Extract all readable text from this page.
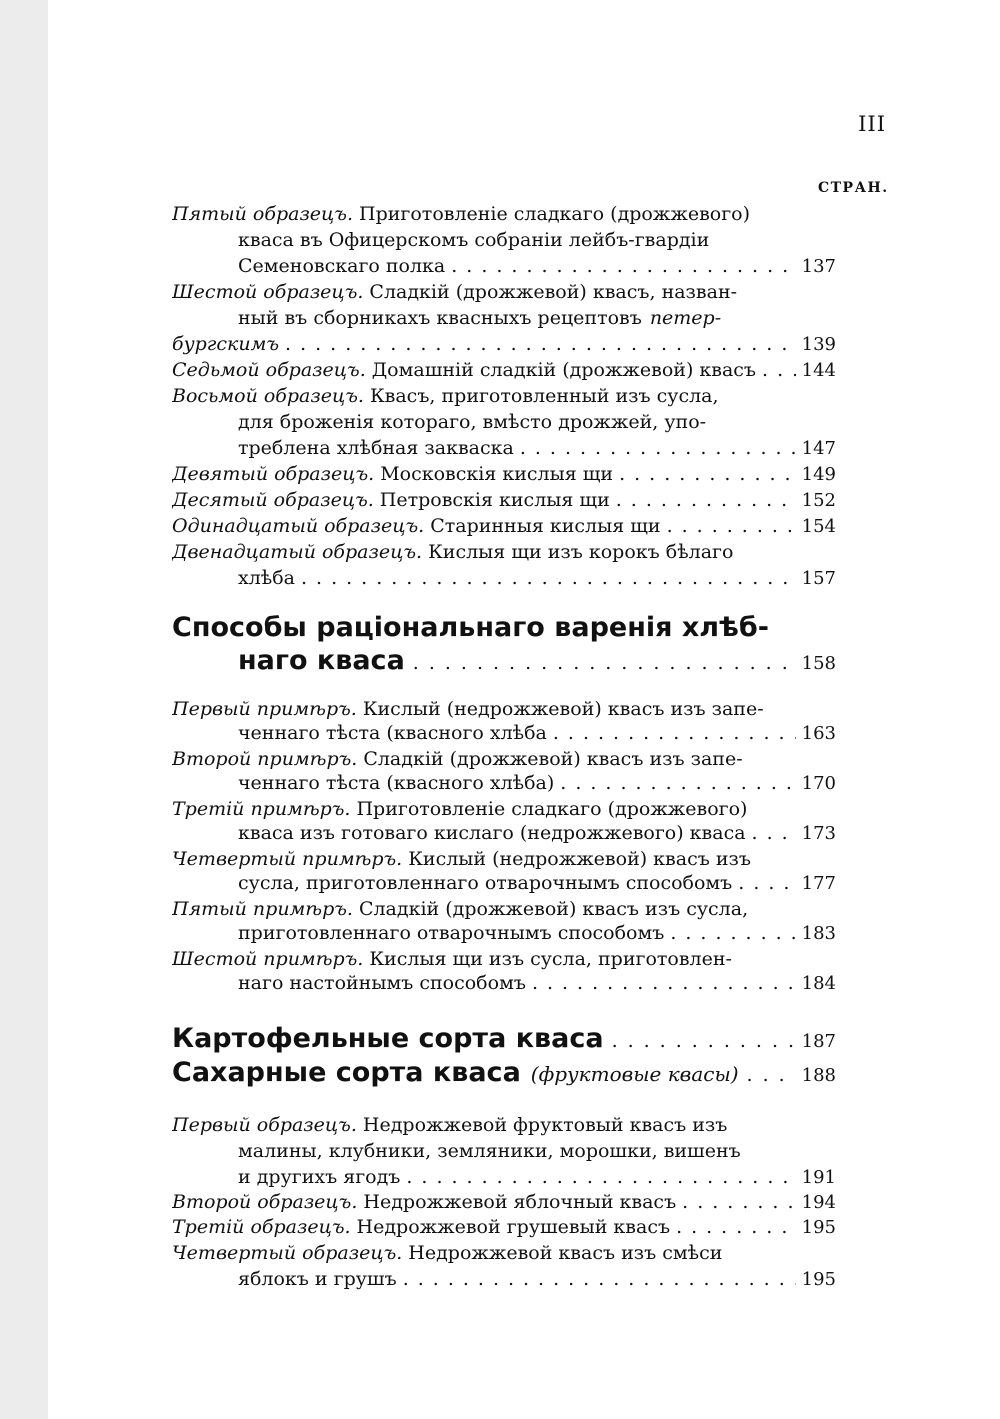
III
СТРАН.
Пятый образецъ. Приготовленіе сладкаго (дрожжевого)
кваса въ Офицерскомъ собраніи лейбъ-гвардіи
Семеновскаго полка .....	137
Шестой образецъ. Сладкій (дрожжевой) квасъ, назван-
ный въ сборникахъ квасныхъ рецептовъ петер-
бургскимъ .....	139
Седьмой образецъ. Домашній сладкій (дрожжевой) квасъ .....	144
Восьмой образецъ. Квасъ, приготовленный изъ сусла,
для броженія котораго, вмѣсто дрожжей, упо-
треблена хлѣбная закваска .....	147
Девятый образецъ. Московскія кислыя щи .....	149
Десятый образецъ. Петровскія кислыя щи .....	152
Одинадцатый образецъ. Старинныя кислыя щи .....	154
Двенадцатый образецъ. Кислыя щи изъ корокъ бѣлаго
хлѣба .....	157
Способы раціональнаго варенія хлѣб-
наго кваса .....	158
Первый примѣръ. Кислый (недрожжевой) квасъ изъ запе-
ченнаго тѣста (квасного хлѣба .....	163
Второй примѣръ. Сладкій (дрожжевой) квасъ изъ запе-
ченнаго тѣста (квасного хлѣба) .....	170
Третій примѣръ. Приготовленіе сладкаго (дрожжевого)
кваса изъ готоваго кислаго (недрожжевого) кваса .....	173
Четвертый примѣръ. Кислый (недрожжевой) квасъ изъ
сусла, приготовленнаго отварочнымъ способомъ .....	177
Пятый примѣръ. Сладкій (дрожжевой) квасъ изъ сусла,
приготовленнаго отварочнымъ способомъ .....	183
Шестой примѣръ. Кислыя щи изъ сусла, приготовлен-
наго настойнымъ способомъ .....	184
Картофельные сорта кваса .....	187
Сахарные сорта кваса (фруктовые квасы) .....	188
Первый образецъ. Недрожжевой фруктовый квасъ изъ
малины, клубники, земляники, морошки, вишенъ
и другихъ ягодъ .....	191
Второй образецъ. Недрожжевой яблочный квасъ .....	194
Третій образецъ. Недрожжевой грушевый квасъ .....	195
Четвертый образецъ. Недрожжевой квасъ изъ смѣси
яблокъ и грушъ .....	195
